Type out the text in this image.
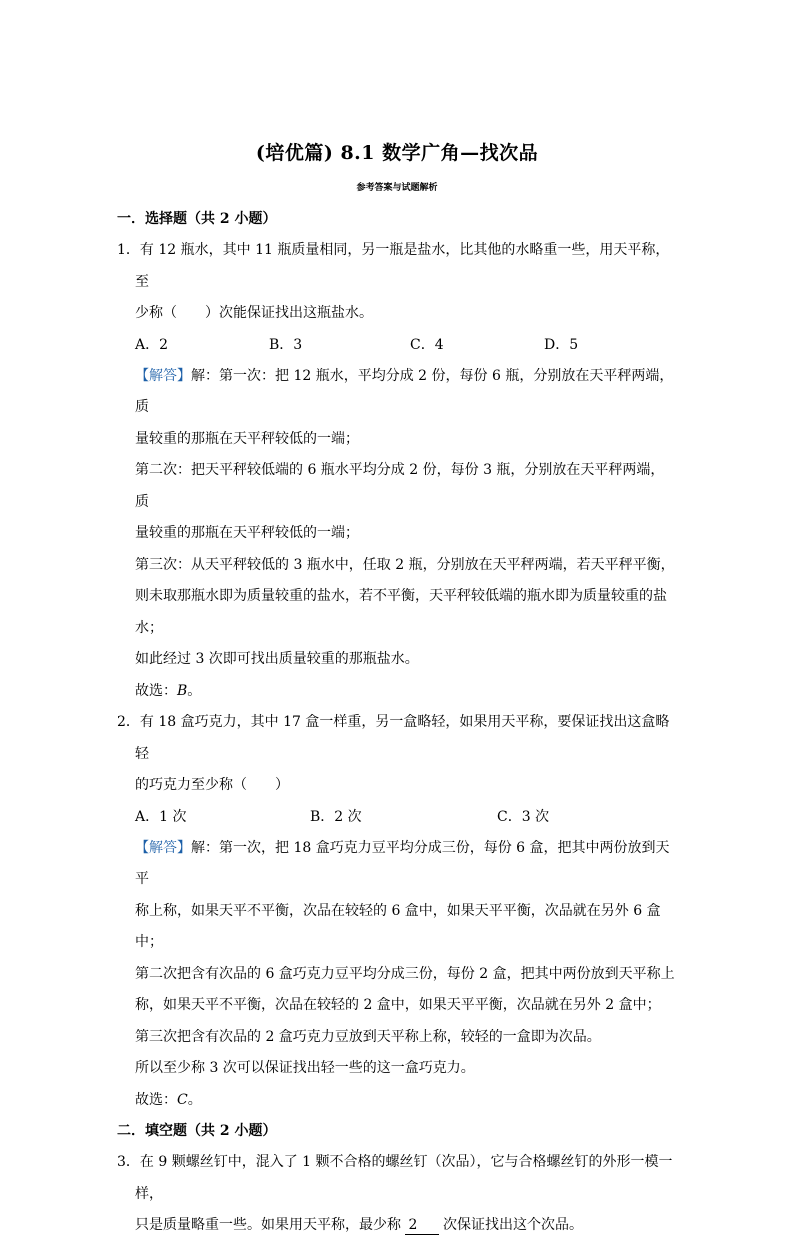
(培优篇) 8.1 数学广角—找次品
参考答案与试题解析
一．选择题（共 2 小题）
1．有 12 瓶水，其中 11 瓶质量相同，另一瓶是盐水，比其他的水略重一些，用天平称，至
少称（　　）次能保证找出这瓶盐水。
A．2	B．3	C．4	D．5
【解答】解：第一次：把 12 瓶水，平均分成 2 份，每份 6 瓶，分别放在天平秤两端，质
量较重的那瓶在天平秤较低的一端；
第二次：把天平秤较低端的 6 瓶水平均分成 2 份，每份 3 瓶，分别放在天平秤两端，质
量较重的那瓶在天平秤较低的一端；
第三次：从天平秤较低的 3 瓶水中，任取 2 瓶，分别放在天平秤两端，若天平秤平衡，
则未取那瓶水即为质量较重的盐水，若不平衡，天平秤较低端的瓶水即为质量较重的盐
水；
如此经过 3 次即可找出质量较重的那瓶盐水。
故选：B。
2．有 18 盒巧克力，其中 17 盒一样重，另一盒略轻，如果用天平称，要保证找出这盒略轻
的巧克力至少称（　　）
A．1 次	B．2 次	C．3 次
【解答】解：第一次，把 18 盒巧克力豆平均分成三份，每份 6 盒，把其中两份放到天平
称上称，如果天平不平衡，次品在较轻的 6 盒中，如果天平平衡，次品就在另外 6 盒中；
第二次把含有次品的 6 盒巧克力豆平均分成三份，每份 2 盒，把其中两份放到天平称上
称，如果天平不平衡，次品在较轻的 2 盒中，如果天平平衡，次品就在另外 2 盒中；
第三次把含有次品的 2 盒巧克力豆放到天平称上称，较轻的一盒即为次品。
所以至少称 3 次可以保证找出轻一些的这一盒巧克力。
故选：C。
二．填空题（共 2 小题）
3．在 9 颗螺丝钉中，混入了 1 颗不合格的螺丝钉（次品），它与合格螺丝钉的外形一模一样，
只是质量略重一些。如果用天平称，最少称 2 次保证找出这个次品。
